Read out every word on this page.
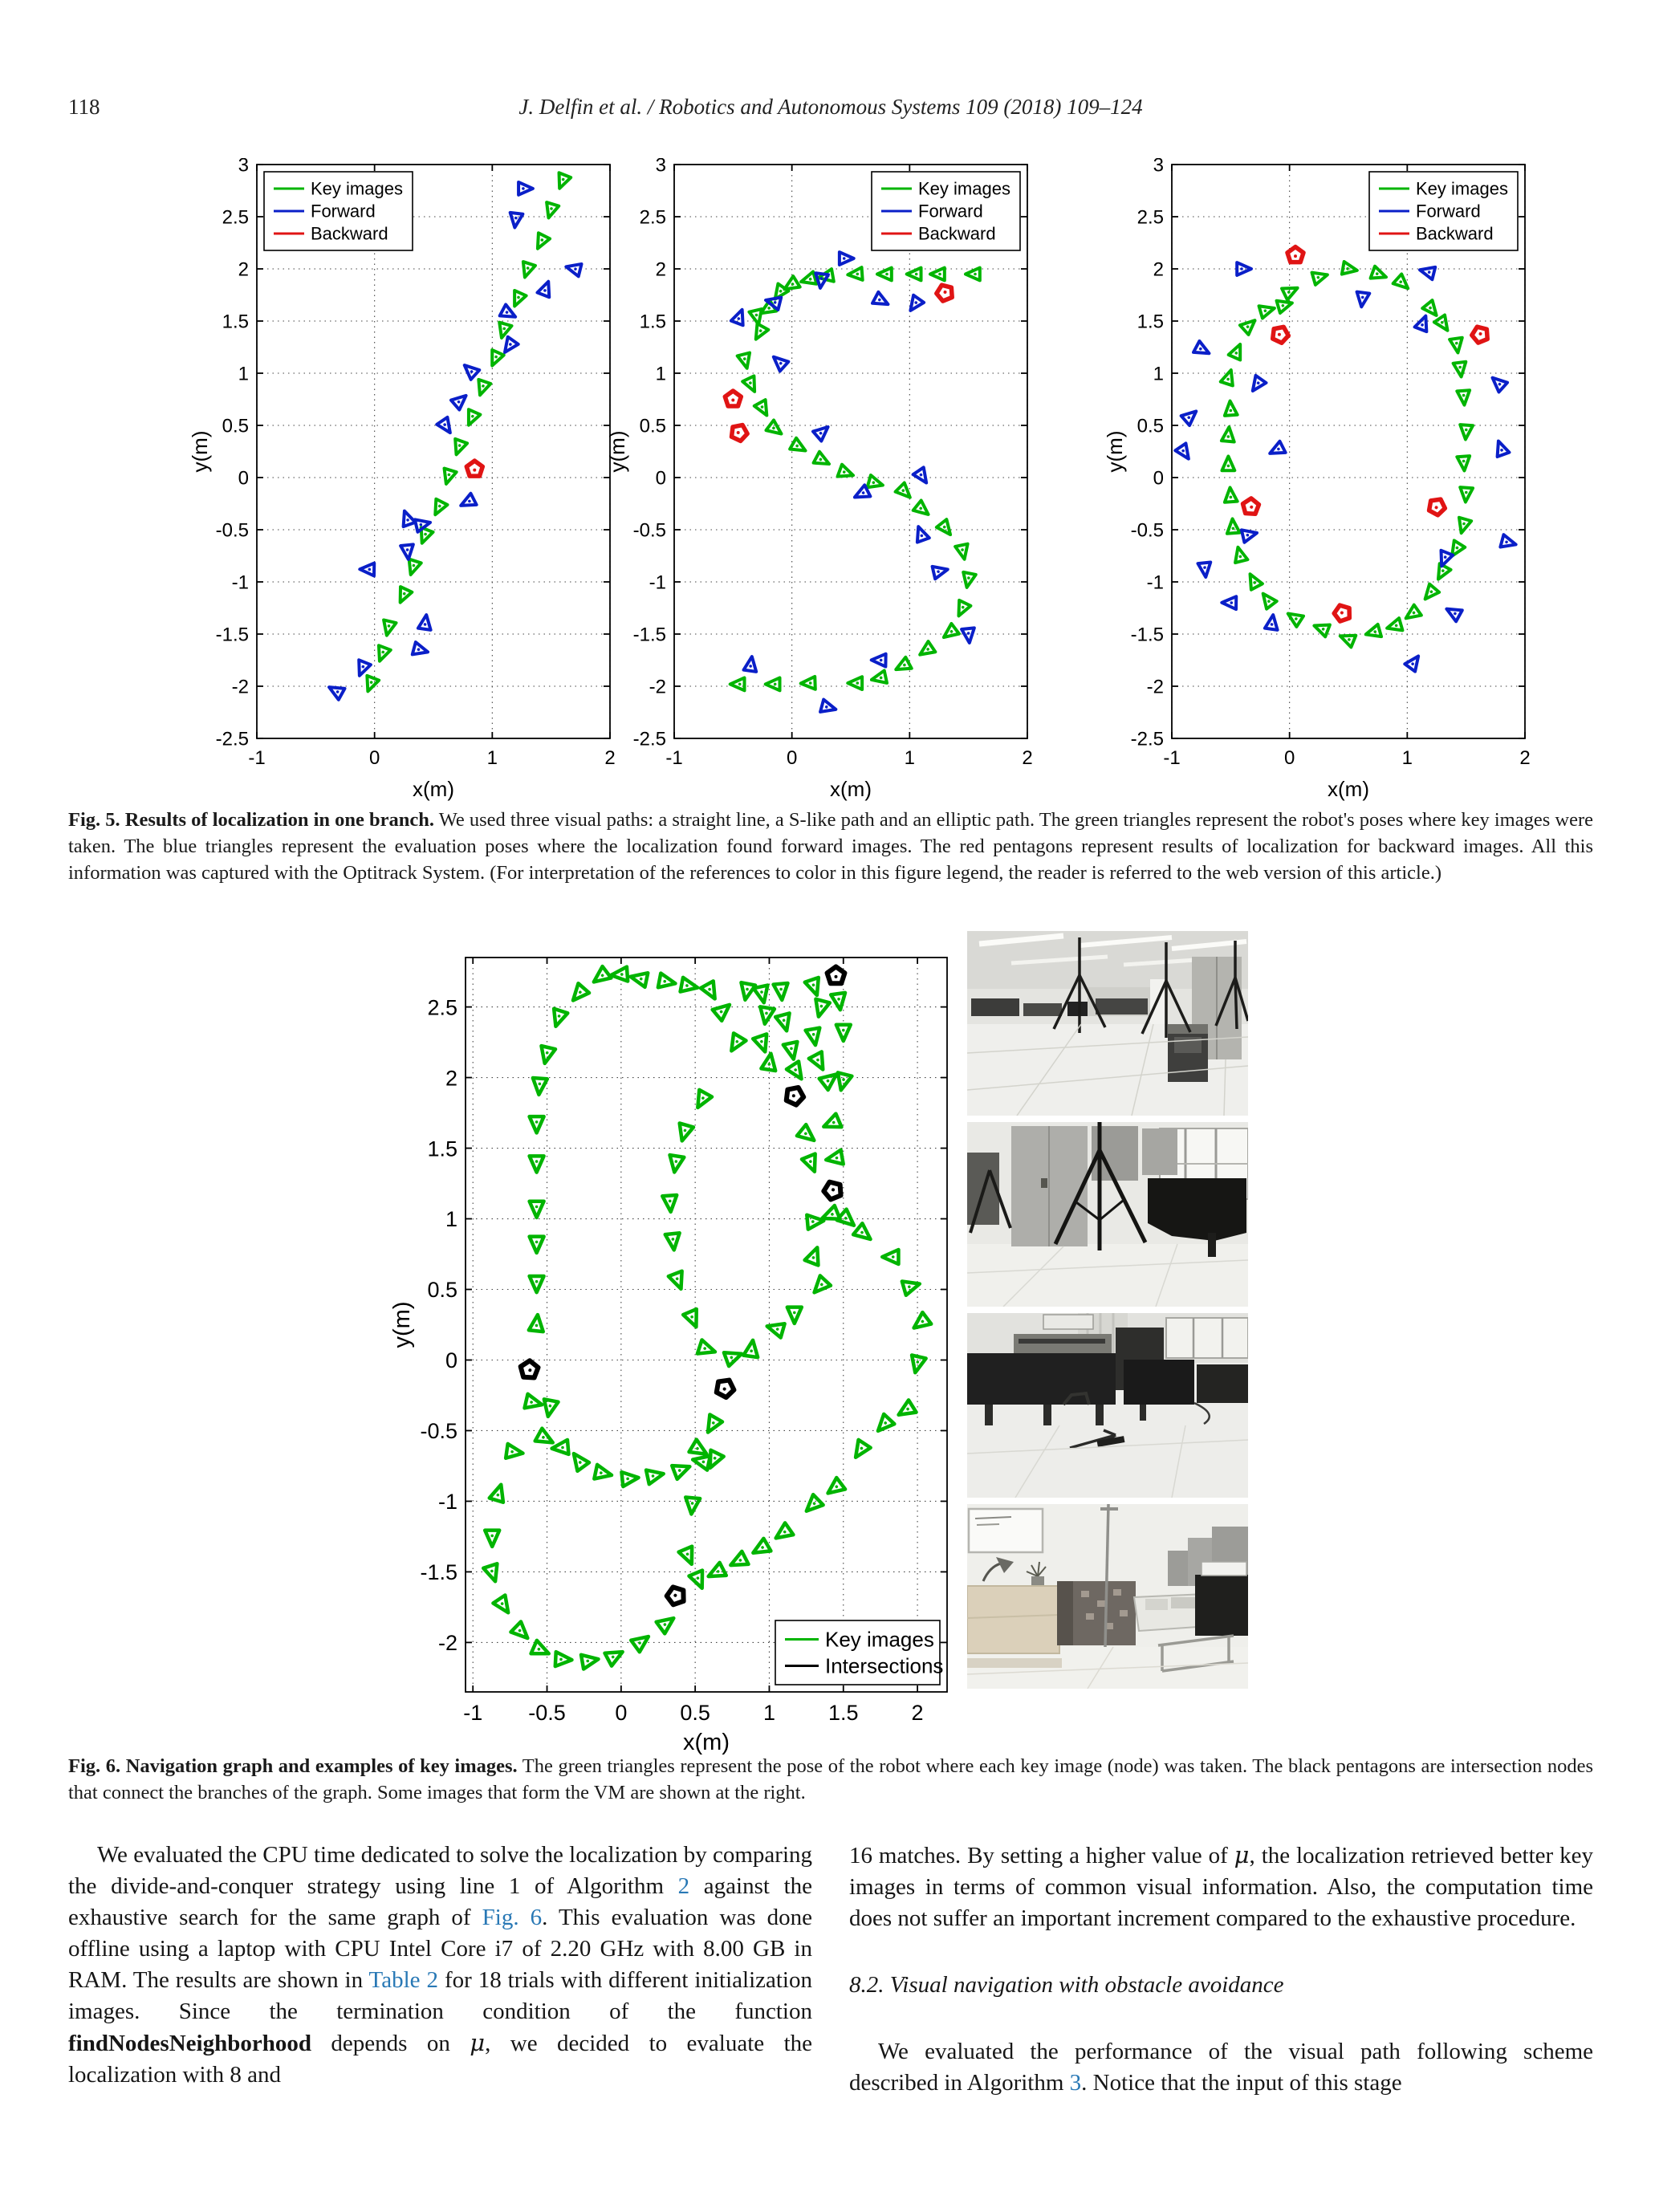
118	J. Delfin et al. / Robotics and Autonomous Systems 109 (2018) 109–124
-1	0	1	2
3
2.5
2
1.5
1
0.5
0
-0.5
-1
-1.5
-2
-2.5
x(m)
y(m)
Key images
Forward
Backward
-1	0	1	2
3
2.5
2
1.5
1
0.5
0
-0.5
-1
-1.5
-2
-2.5
x(m)
y(m)
Key images
Forward
Backward
-1	0	1	2
3
2.5
2
1.5
1
0.5
0
-0.5
-1
-1.5
-2
-2.5
x(m)
y(m)
Key images
Forward
Backward

Fig. 5. Results of localization in one branch. We used three visual paths: a straight line, a S-like path and an elliptic path. The green triangles represent the robot's poses where key images were taken. The blue triangles represent the evaluation poses where the localization found forward images. The red pentagons represent results of localization for backward images. All this information was captured with the Optitrack System. (For interpretation of the references to color in this figure legend, the reader is referred to the web version of this article.)

-1 -0.5 0 0.5 1 1.5 2
2.5
2
1.5
1
0.5
0
-0.5
-1
-1.5
-2
x(m)
y(m)
Key images
Intersections

Fig. 6. Navigation graph and examples of key images. The green triangles represent the pose of the robot where each key image (node) was taken. The black pentagons are intersection nodes that connect the branches of the graph. Some images that form the VM are shown at the right.

We evaluated the CPU time dedicated to solve the localization by comparing the divide-and-conquer strategy using line 1 of Algorithm 2 against the exhaustive search for the same graph of Fig. 6. This evaluation was done offline using a laptop with CPU Intel Core i7 of 2.20 GHz with 8.00 GB in RAM. The results are shown in Table 2 for 18 trials with different initialization images. Since the termination condition of the function findNodesNeighborhood depends on μ, we decided to evaluate the localization with 8 and

16 matches. By setting a higher value of μ, the localization retrieved better key images in terms of common visual information. Also, the computation time does not suffer an important increment compared to the exhaustive procedure.

8.2. Visual navigation with obstacle avoidance

We evaluated the performance of the visual path following scheme described in Algorithm 3. Notice that the input of this stage
